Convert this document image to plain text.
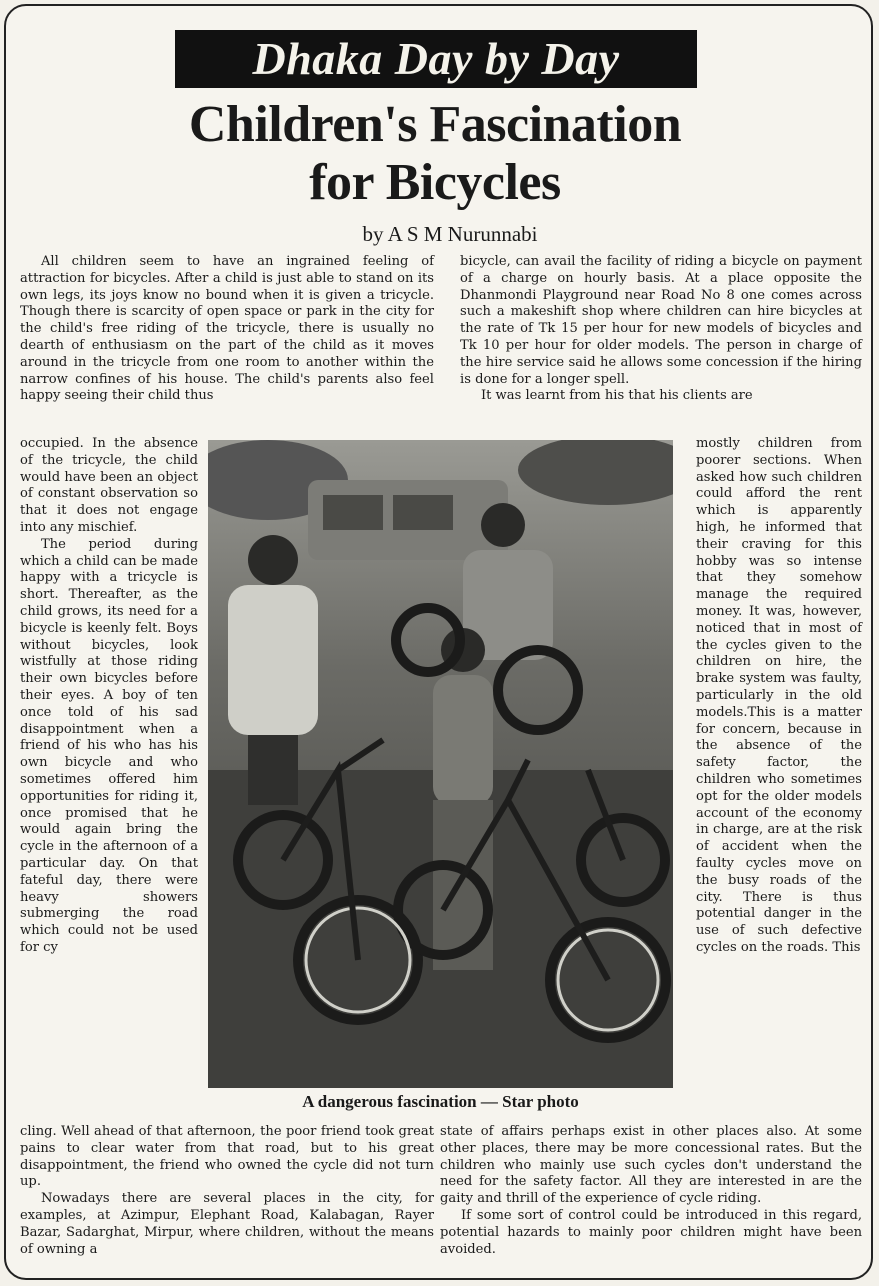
Dhaka Day by Day
Children's Fascination
for Bicycles
by A S M Nurunnabi

All children seem to have an ingrained feeling of attraction for bicycles. After a child is just able to stand on its own legs, its joys know no bound when it is given a tricycle. Though there is scarcity of open space or park in the city for the child's free riding of the tricycle, there is usually no dearth of enthusiasm on the part of the child as it moves around in the tricycle from one room to another within the narrow confines of his house. The child's parents also feel happy seeing their child thus

occupied. In the absence of the tricycle, the child would have been an object of constant observation so that it does not engage into any mischief.

The period during which a child can be made happy with a tricycle is short. Thereafter, as the child grows, its need for a bicycle is keenly felt. Boys without bicycles, look wistfully at those riding their own bicycles before their eyes. A boy of ten once told of his sad disappointment when a friend of his who has his own bicycle and who sometimes offered him opportunities for riding it, once promised that he would again bring the cycle in the afternoon of a particular day. On that fateful day, there were heavy showers submerging the road which could not be used for cy

cling. Well ahead of that afternoon, the poor friend took great pains to clear water from that road, but to his great disappointment, the friend who owned the cycle did not turn up.

Nowadays there are several places in the city, for examples, at Azimpur, Elephant Road, Kalabagan, Rayer Bazar, Sadarghat, Mirpur, where children, without the means of owning a

bicycle, can avail the facility of riding a bicycle on payment of a charge on hourly basis. At a place opposite the Dhanmondi Playground near Road No 8 one comes across such a makeshift shop where children can hire bicycles at the rate of Tk 15 per hour for new models of bicycles and Tk 10 per hour for older models. The person in charge of the hire service said he allows some concession if the hiring is done for a longer spell.

It was learnt from his that his clients are

mostly children from poorer sections. When asked how such children could afford the rent which is apparently high, he informed that their craving for this hobby was so intense that they somehow manage the required money. It was, however, noticed that in most of the cycles given to the children on hire, the brake system was faulty, particularly in the old models.This is a matter for concern, because in the absence of the safety factor, the children who sometimes opt for the older models account of the economy in charge, are at the risk of accident when the faulty cycles move on the busy roads of the city. There is thus potential danger in the use of such defective cycles on the roads. This

state of affairs perhaps exist in other places also. At some other places, there may be more concessional rates. But the children who mainly use such cycles don't understand the need for the safety factor. All they are interested in are the gaity and thrill of the experience of cycle riding.

If some sort of control could be introduced in this regard, potential hazards to mainly poor children might have been avoided.

A dangerous fascination — Star photo
